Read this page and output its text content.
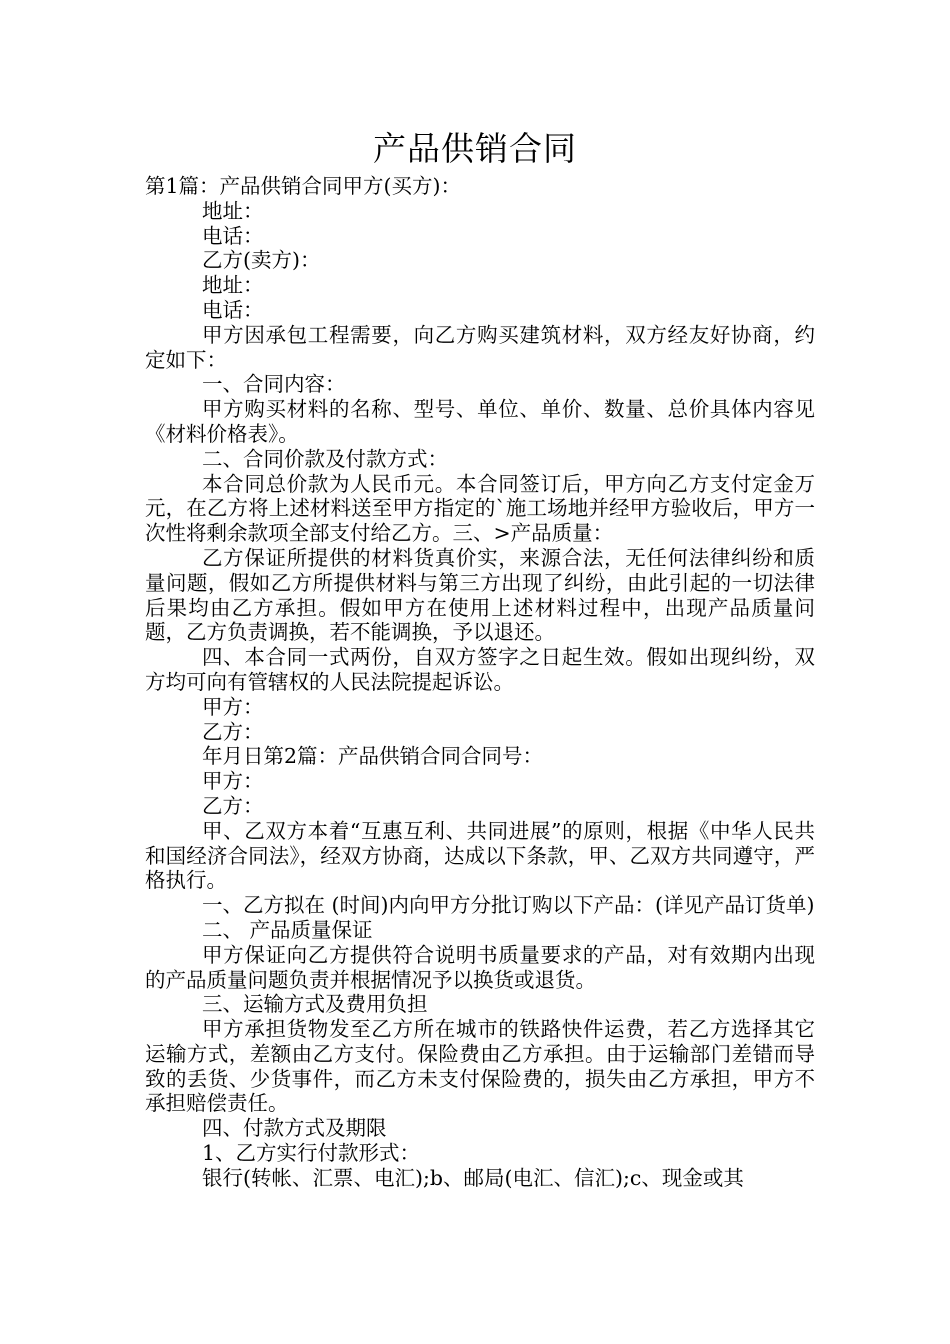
产品供销合同

第1篇：产品供销合同甲方(买方)：

地址：

电话：

乙方(卖方)：

地址：

电话：

甲方因承包工程需要，向乙方购买建筑材料，双方经友好协商，约定如下：

一、合同内容：

甲方购买材料的名称、型号、单位、单价、数量、总价具体内容见《材料价格表》。

二、合同价款及付款方式：

本合同总价款为人民币元。本合同签订后，甲方向乙方支付定金万元，在乙方将上述材料送至甲方指定的`施工场地并经甲方验收后，甲方一次性将剩余款项全部支付给乙方。三、>产品质量：

乙方保证所提供的材料货真价实，来源合法，无任何法律纠纷和质量问题，假如乙方所提供材料与第三方出现了纠纷，由此引起的一切法律后果均由乙方承担。假如甲方在使用上述材料过程中，出现产品质量问题，乙方负责调换，若不能调换，予以退还。

四、本合同一式两份，自双方签字之日起生效。假如出现纠纷，双方均可向有管辖权的人民法院提起诉讼。

甲方：

乙方：

年月日第2篇：产品供销合同合同号：

甲方：

乙方：

甲、乙双方本着“互惠互利、共同进展”的原则，根据《中华人民共和国经济合同法》，经双方协商，达成以下条款，甲、乙双方共同遵守，严格执行。

一、乙方拟在 (时间)内向甲方分批订购以下产品：(详见产品订货单)

二、 产品质量保证

甲方保证向乙方提供符合说明书质量要求的产品，对有效期内出现的产品质量问题负责并根据情况予以换货或退货。

三、运输方式及费用负担

甲方承担货物发至乙方所在城市的铁路快件运费，若乙方选择其它运输方式，差额由乙方支付。保险费由乙方承担。由于运输部门差错而导致的丢货、少货事件，而乙方未支付保险费的，损失由乙方承担，甲方不承担赔偿责任。

四、付款方式及期限

1、乙方实行付款形式：

银行(转帐、汇票、电汇);b、邮局(电汇、信汇);c、现金或其
